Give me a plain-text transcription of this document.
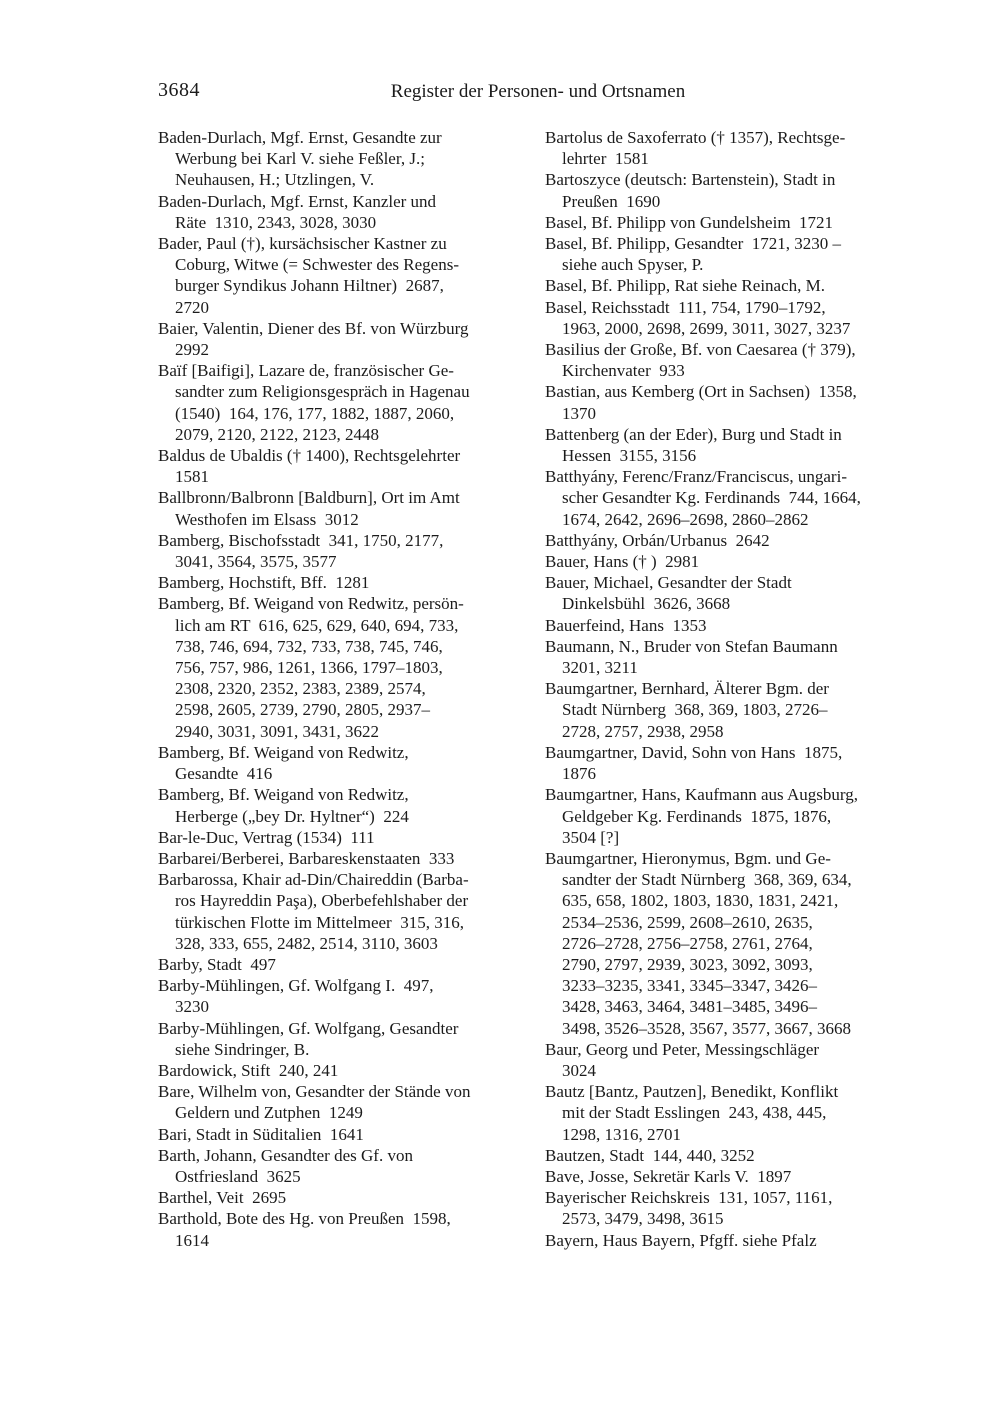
3684	Register der Personen- und Ortsnamen
Baden-Durlach, Mgf. Ernst, Gesandte zur
Werbung bei Karl V. siehe Feßler, J.;
Neuhausen, H.; Utzlingen, V.
Baden-Durlach, Mgf. Ernst, Kanzler und
Räte  1310, 2343, 3028, 3030
Bader, Paul (†), kursächsischer Kastner zu
Coburg, Witwe (= Schwester des Regens-
burger Syndikus Johann Hiltner)  2687,
2720
Baier, Valentin, Diener des Bf. von Würzburg
2992
Baïf [Baifigi], Lazare de, französischer Ge-
sandter zum Religionsgespräch in Hagenau
(1540)  164, 176, 177, 1882, 1887, 2060,
2079, 2120, 2122, 2123, 2448
Baldus de Ubaldis († 1400), Rechtsgelehrter
1581
Ballbronn/Balbronn [Baldburn], Ort im Amt
Westhofen im Elsass  3012
Bamberg, Bischofsstadt  341, 1750, 2177,
3041, 3564, 3575, 3577
Bamberg, Hochstift, Bff.  1281
Bamberg, Bf. Weigand von Redwitz, persön-
lich am RT  616, 625, 629, 640, 694, 733,
738, 746, 694, 732, 733, 738, 745, 746,
756, 757, 986, 1261, 1366, 1797–1803,
2308, 2320, 2352, 2383, 2389, 2574,
2598, 2605, 2739, 2790, 2805, 2937–
2940, 3031, 3091, 3431, 3622
Bamberg, Bf. Weigand von Redwitz,
Gesandte  416
Bamberg, Bf. Weigand von Redwitz,
Herberge („bey Dr. Hyltner“)  224
Bar-le-Duc, Vertrag (1534)  111
Barbarei/Berberei, Barbareskenstaaten  333
Barbarossa, Khair ad-Din/Chaireddin (Barba-
ros Hayreddin Paşa), Oberbefehlshaber der
türkischen Flotte im Mittelmeer  315, 316,
328, 333, 655, 2482, 2514, 3110, 3603
Barby, Stadt  497
Barby-Mühlingen, Gf. Wolfgang I.  497,
3230
Barby-Mühlingen, Gf. Wolfgang, Gesandter
siehe Sindringer, B.
Bardowick, Stift  240, 241
Bare, Wilhelm von, Gesandter der Stände von
Geldern und Zutphen  1249
Bari, Stadt in Süditalien  1641
Barth, Johann, Gesandter des Gf. von
Ostfriesland  3625
Barthel, Veit  2695
Barthold, Bote des Hg. von Preußen  1598,
1614
Bartolus de Saxoferrato († 1357), Rechtsge-
lehrter  1581
Bartoszyce (deutsch: Bartenstein), Stadt in
Preußen  1690
Basel, Bf. Philipp von Gundelsheim  1721
Basel, Bf. Philipp, Gesandter  1721, 3230 –
siehe auch Spyser, P.
Basel, Bf. Philipp, Rat siehe Reinach, M.
Basel, Reichsstadt  111, 754, 1790–1792,
1963, 2000, 2698, 2699, 3011, 3027, 3237
Basilius der Große, Bf. von Caesarea († 379),
Kirchenvater  933
Bastian, aus Kemberg (Ort in Sachsen)  1358,
1370
Battenberg (an der Eder), Burg und Stadt in
Hessen  3155, 3156
Batthyány, Ferenc/Franz/Franciscus, ungari-
scher Gesandter Kg. Ferdinands  744, 1664,
1674, 2642, 2696–2698, 2860–2862
Batthyány, Orbán/Urbanus  2642
Bauer, Hans († )  2981
Bauer, Michael, Gesandter der Stadt
Dinkelsbühl  3626, 3668
Bauerfeind, Hans  1353
Baumann, N., Bruder von Stefan Baumann
3201, 3211
Baumgartner, Bernhard, Älterer Bgm. der
Stadt Nürnberg  368, 369, 1803, 2726–
2728, 2757, 2938, 2958
Baumgartner, David, Sohn von Hans  1875,
1876
Baumgartner, Hans, Kaufmann aus Augsburg,
Geldgeber Kg. Ferdinands  1875, 1876,
3504 [?]
Baumgartner, Hieronymus, Bgm. und Ge-
sandter der Stadt Nürnberg  368, 369, 634,
635, 658, 1802, 1803, 1830, 1831, 2421,
2534–2536, 2599, 2608–2610, 2635,
2726–2728, 2756–2758, 2761, 2764,
2790, 2797, 2939, 3023, 3092, 3093,
3233–3235, 3341, 3345–3347, 3426–
3428, 3463, 3464, 3481–3485, 3496–
3498, 3526–3528, 3567, 3577, 3667, 3668
Baur, Georg und Peter, Messingschläger
3024
Bautz [Bantz, Pautzen], Benedikt, Konflikt
mit der Stadt Esslingen  243, 438, 445,
1298, 1316, 2701
Bautzen, Stadt  144, 440, 3252
Bave, Josse, Sekretär Karls V.  1897
Bayerischer Reichskreis  131, 1057, 1161,
2573, 3479, 3498, 3615
Bayern, Haus Bayern, Pfgff. siehe Pfalz
